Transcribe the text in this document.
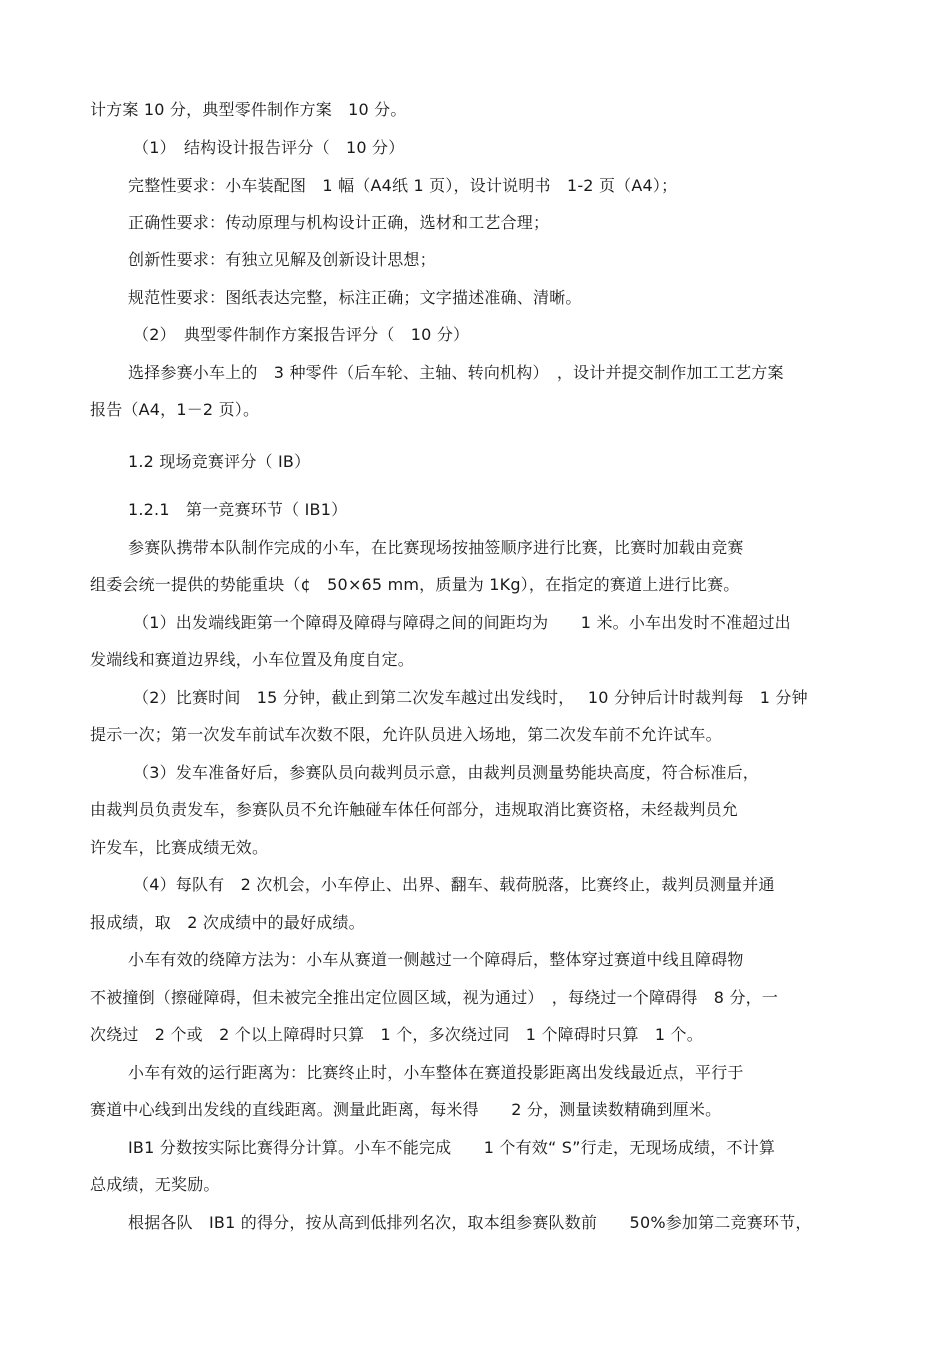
计方案 10 分，典型零件制作方案　10 分。

（1）　结构设计报告评分（　10 分）

完整性要求：小车装配图　1 幅（A4纸 1 页），设计说明书　1-2 页（A4）；

正确性要求：传动原理与机构设计正确，选材和工艺合理；

创新性要求：有独立见解及创新设计思想；

规范性要求：图纸表达完整，标注正确；文字描述准确、清晰。

（2）　典型零件制作方案报告评分（　10 分）

选择参赛小车上的　3 种零件（后车轮、主轴、转向机构）　，设计并提交制作加工工艺方案

报告（A4，1－2 页）。

1.2 现场竞赛评分（ IB）

1.2.1　第一竞赛环节（ IB1）

参赛队携带本队制作完成的小车，在比赛现场按抽签顺序进行比赛，比赛时加载由竞赛

组委会统一提供的势能重块（¢　50×65 mm，质量为 1Kg），在指定的赛道上进行比赛。

（1）出发端线距第一个障碍及障碍与障碍之间的间距均为　　1 米。小车出发时不准超过出

发端线和赛道边界线，小车位置及角度自定。

（2）比赛时间　15 分钟，截止到第二次发车越过出发线时，　 10 分钟后计时裁判每　1 分钟

提示一次；第一次发车前试车次数不限，允许队员进入场地，第二次发车前不允许试车。

（3）发车准备好后，参赛队员向裁判员示意，由裁判员测量势能块高度，符合标准后，

由裁判员负责发车，参赛队员不允许触碰车体任何部分，违规取消比赛资格，未经裁判员允

许发车，比赛成绩无效。

（4）每队有　2 次机会，小车停止、出界、翻车、载荷脱落，比赛终止，裁判员测量并通

报成绩，取　2 次成绩中的最好成绩。

小车有效的绕障方法为：小车从赛道一侧越过一个障碍后，整体穿过赛道中线且障碍物

不被撞倒（擦碰障碍，但未被完全推出定位圆区域，视为通过）　，每绕过一个障碍得　8 分，一

次绕过　2 个或　2 个以上障碍时只算　1 个，多次绕过同　1 个障碍时只算　1 个。

小车有效的运行距离为：比赛终止时，小车整体在赛道投影距离出发线最近点，平行于

赛道中心线到出发线的直线距离。测量此距离，每米得　　2 分，测量读数精确到厘米。

IB1 分数按实际比赛得分计算。小车不能完成　　1 个有效“ S”行走，无现场成绩，不计算

总成绩，无奖励。

根据各队　IB1 的得分，按从高到低排列名次，取本组参赛队数前　　50%参加第二竞赛环节，
